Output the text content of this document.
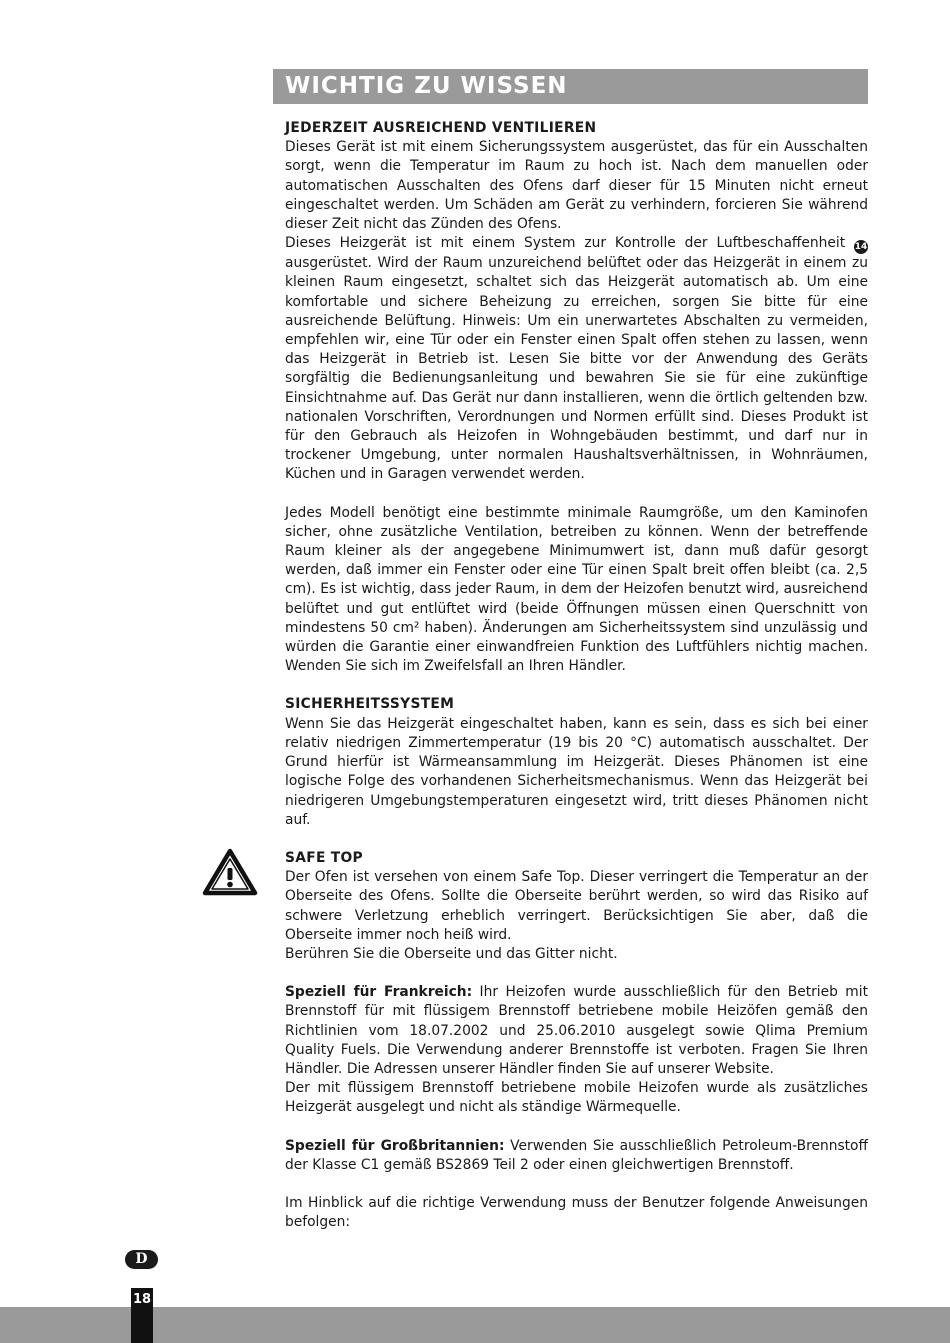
WICHTIG ZU WISSEN
JEDERZEIT AUSREICHEND VENTILIEREN

Dieses Gerät ist mit einem Sicherungssystem ausgerüstet, das für ein Ausschalten sorgt, wenn die Temperatur im Raum zu hoch ist. Nach dem manuellen oder automatischen Ausschalten des Ofens darf dieser für 15 Minuten nicht erneut eingeschaltet werden. Um Schäden am Gerät zu verhindern, forcieren Sie während dieser Zeit nicht das Zünden des Ofens.

Dieses Heizgerät ist mit einem System zur Kontrolle der Luftbeschaffenheit 14 ausgerüstet. Wird der Raum unzureichend belüftet oder das Heizgerät in einem zu kleinen Raum eingesetzt, schaltet sich das Heizgerät automatisch ab. Um eine komfortable und sichere Beheizung zu erreichen, sorgen Sie bitte für eine ausreichende Belüftung. Hinweis: Um ein unerwartetes Abschalten zu vermeiden, empfehlen wir, eine Tür oder ein Fenster einen Spalt offen stehen zu lassen, wenn das Heizgerät in Betrieb ist. Lesen Sie bitte vor der Anwendung des Geräts sorgfältig die Bedienungsanleitung und bewahren Sie sie für eine zukünftige Einsichtnahme auf. Das Gerät nur dann installieren, wenn die örtlich geltenden bzw. nationalen Vorschriften, Verordnungen und Normen erfüllt sind. Dieses Produkt ist für den Gebrauch als Heizofen in Wohngebäuden bestimmt, und darf nur in trockener Umgebung, unter normalen Haushaltsverhältnissen, in Wohnräumen, Küchen und in Garagen verwendet werden.

Jedes Modell benötigt eine bestimmte minimale Raumgröße, um den Kaminofen sicher, ohne zusätzliche Ventilation, betreiben zu können. Wenn der betreffende Raum kleiner als der angegebene Minimumwert ist, dann muß dafür gesorgt werden, daß immer ein Fenster oder eine Tür einen Spalt breit offen bleibt (ca. 2,5 cm). Es ist wichtig, dass jeder Raum, in dem der Heizofen benutzt wird, ausreichend belüftet und gut entlüftet wird (beide Öffnungen müssen einen Querschnitt von mindestens 50 cm² haben). Änderungen am Sicherheitssystem sind unzulässig und würden die Garantie einer einwandfreien Funktion des Luftfühlers nichtig machen. Wenden Sie sich im Zweifelsfall an Ihren Händler.

SICHERHEITSSYSTEM

Wenn Sie das Heizgerät eingeschaltet haben, kann es sein, dass es sich bei einer relativ niedrigen Zimmertemperatur (19 bis 20 °C) automatisch ausschaltet. Der Grund hierfür ist Wärmeansammlung im Heizgerät. Dieses Phänomen ist eine logische Folge des vorhandenen Sicherheitsmechanismus. Wenn das Heizgerät bei niedrigeren Umgebungstemperaturen eingesetzt wird, tritt dieses Phänomen nicht auf.

SAFE TOP

Der Ofen ist versehen von einem Safe Top. Dieser verringert die Temperatur an der Oberseite des Ofens. Sollte die Oberseite berührt werden, so wird das Risiko auf schwere Verletzung erheblich verringert. Berücksichtigen Sie aber, daß die Oberseite immer noch heiß wird.

Berühren Sie die Oberseite und das Gitter nicht.

Speziell für Frankreich: Ihr Heizofen wurde ausschließlich für den Betrieb mit Brennstoff für mit flüssigem Brennstoff betriebene mobile Heizöfen gemäß den Richtlinien vom 18.07.2002 und 25.06.2010 ausgelegt sowie Qlima Premium Quality Fuels. Die Verwendung anderer Brennstoffe ist verboten. Fragen Sie Ihren Händler. Die Adressen unserer Händler finden Sie auf unserer Website.

Der mit flüssigem Brennstoff betriebene mobile Heizofen wurde als zusätzliches Heizgerät ausgelegt und nicht als ständige Wärmequelle.

Speziell für Großbritannien: Verwenden Sie ausschließlich Petroleum-Brennstoff der Klasse C1 gemäß BS2869 Teil 2 oder einen gleichwertigen Brennstoff.

Im Hinblick auf die richtige Verwendung muss der Benutzer folgende Anweisungen befolgen:

D
18
